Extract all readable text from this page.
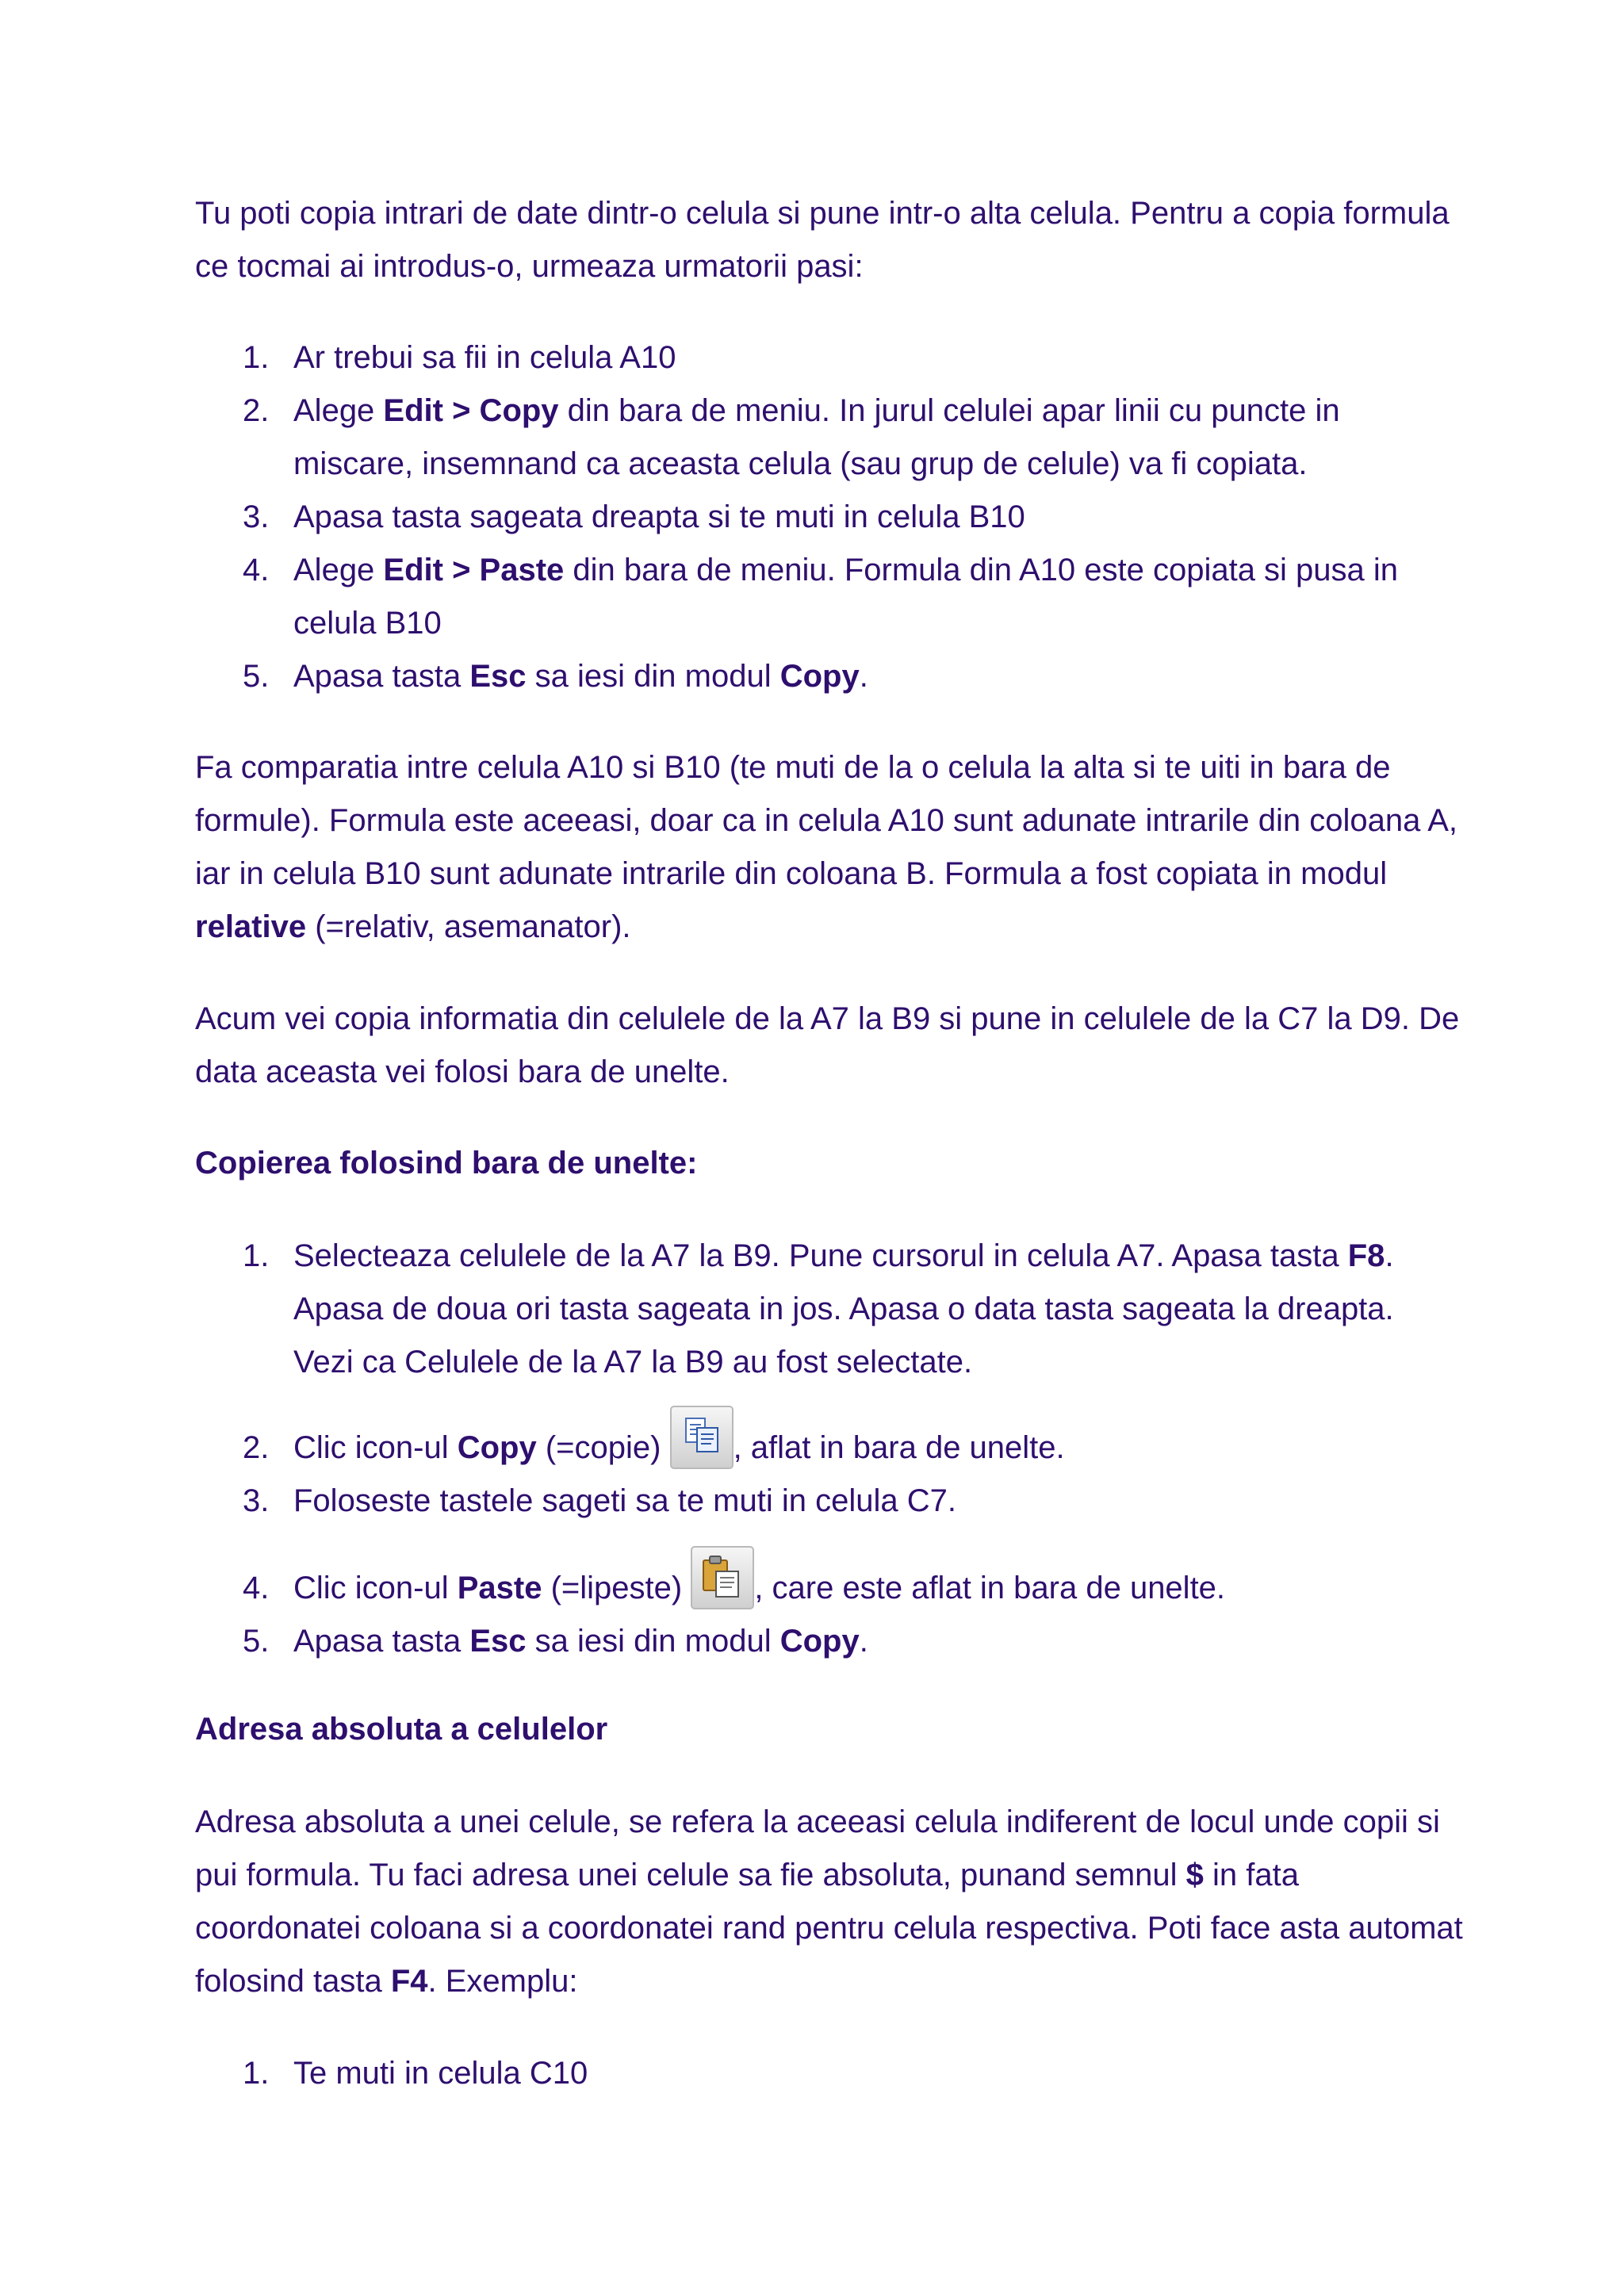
Tu poti copia intrari de date dintr-o celula si pune intr-o alta celula. Pentru a copia formula ce tocmai ai introdus-o, urmeaza urmatorii pasi:

1. Ar trebui sa fii in celula A10
2. Alege Edit > Copy din bara de meniu. In jurul celulei apar linii cu puncte in miscare, insemnand ca aceasta celula (sau grup de celule) va fi copiata.
3. Apasa tasta sageata dreapta si te muti in celula B10
4. Alege Edit > Paste din bara de meniu. Formula din A10 este copiata si pusa in celula B10
5. Apasa tasta Esc sa iesi din modul Copy.

Fa comparatia intre celula A10 si B10 (te muti de la o celula la alta si te uiti in bara de formule). Formula este aceeasi, doar ca in celula A10 sunt adunate intrarile din coloana A, iar in celula B10 sunt adunate intrarile din coloana B. Formula a fost copiata in modul relative (=relativ, asemanator).

Acum vei copia informatia din celulele de la A7 la B9 si pune in celulele de la C7 la D9. De data aceasta vei folosi bara de unelte.

Copierea folosind bara de unelte:

1. Selecteaza celulele de la A7 la B9. Pune cursorul in celula A7. Apasa tasta F8. Apasa de doua ori tasta sageata in jos. Apasa o data tasta sageata la dreapta. Vezi ca Celulele de la A7 la B9 au fost selectate.
2. Clic icon-ul Copy (=copie)
, aflat in bara de unelte.
3. Foloseste tastele sageti sa te muti in celula C7.
4. Clic icon-ul Paste (=lipeste)
, care este aflat in bara de unelte.
5. Apasa tasta Esc sa iesi din modul Copy.

Adresa absoluta a celulelor

Adresa absoluta a unei celule, se refera la aceeasi celula indiferent de locul unde copii si pui formula. Tu faci adresa unei celule sa fie absoluta, punand semnul $ in fata coordonatei coloana si a coordonatei rand pentru celula respectiva. Poti face asta automat folosind tasta F4. Exemplu:

1. Te muti in celula C10
